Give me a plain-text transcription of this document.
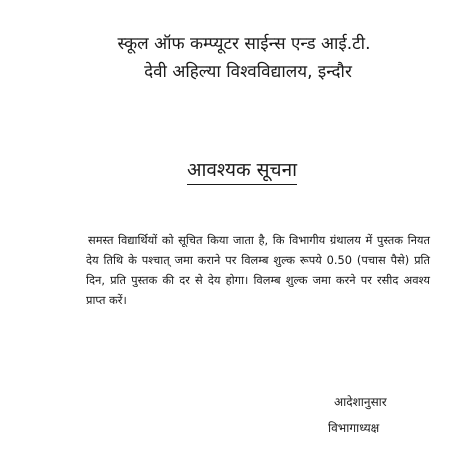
स्कूल ऑफ कम्प्यूटर साईन्स एन्ड आई.टी.
देवी अहिल्या विश्वविद्यालय, इन्दौर
आवश्यक सूचना
समस्त विद्यार्थियों को सूचित किया जाता है, कि विभागीय ग्रंथालय में पुस्तक नियत देय तिथि के पश्चात् जमा कराने पर विलम्ब शुल्क रूपये 0.50 (पचास पैसे) प्रति दिन, प्रति पुस्तक की दर से देय होगा। विलम्ब शुल्क जमा करने पर रसीद अवश्य प्राप्त करें।
आदेशानुसार
विभागाध्यक्ष
